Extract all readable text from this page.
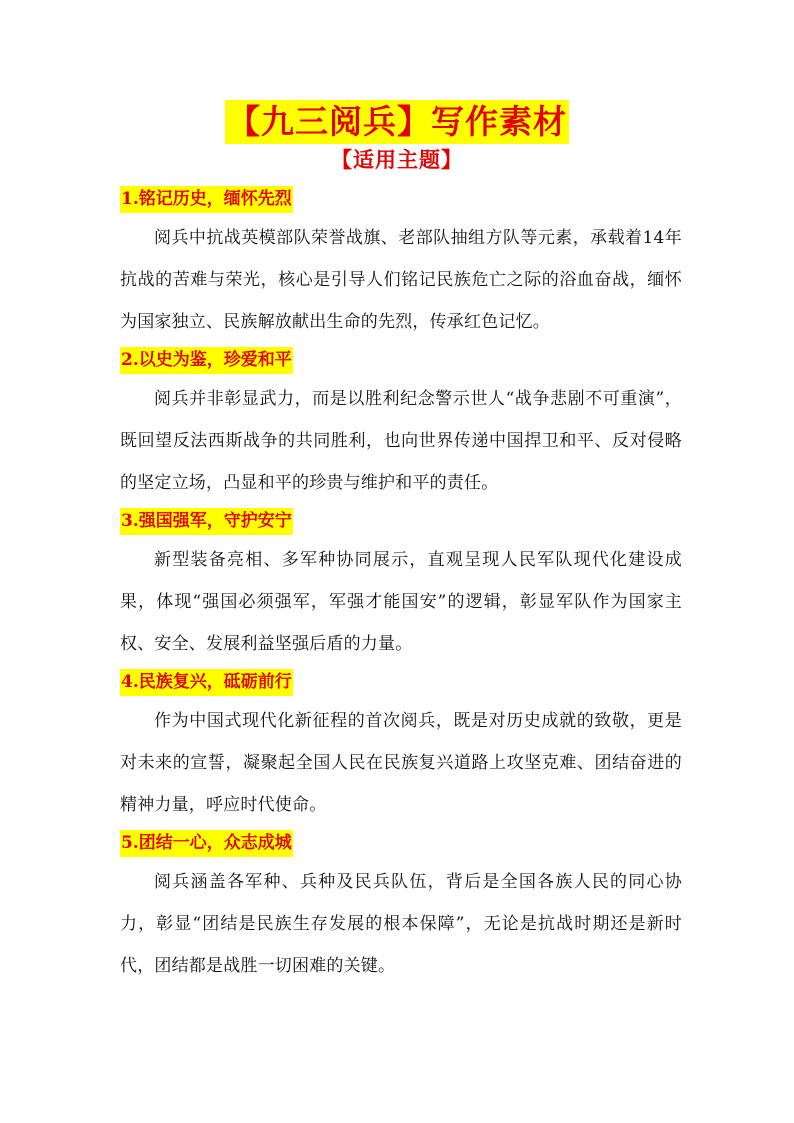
【九三阅兵】写作素材
【适用主题】
1.铭记历史，缅怀先烈

阅兵中抗战英模部队荣誉战旗、老部队抽组方队等元素，承载着14年抗战的苦难与荣光，核心是引导人们铭记民族危亡之际的浴血奋战，缅怀为国家独立、民族解放献出生命的先烈，传承红色记忆。

2.以史为鉴，珍爱和平

阅兵并非彰显武力，而是以胜利纪念警示世人“战争悲剧不可重演”，既回望反法西斯战争的共同胜利，也向世界传递中国捍卫和平、反对侵略的坚定立场，凸显和平的珍贵与维护和平的责任。

3.强国强军，守护安宁

新型装备亮相、多军种协同展示，直观呈现人民军队现代化建设成果，体现“强国必须强军，军强才能国安”的逻辑，彰显军队作为国家主权、安全、发展利益坚强后盾的力量。

4.民族复兴，砥砺前行

作为中国式现代化新征程的首次阅兵，既是对历史成就的致敬，更是对未来的宣誓，凝聚起全国人民在民族复兴道路上攻坚克难、团结奋进的精神力量，呼应时代使命。

5.团结一心，众志成城

阅兵涵盖各军种、兵种及民兵队伍，背后是全国各族人民的同心协力，彰显“团结是民族生存发展的根本保障”，无论是抗战时期还是新时代，团结都是战胜一切困难的关键。
